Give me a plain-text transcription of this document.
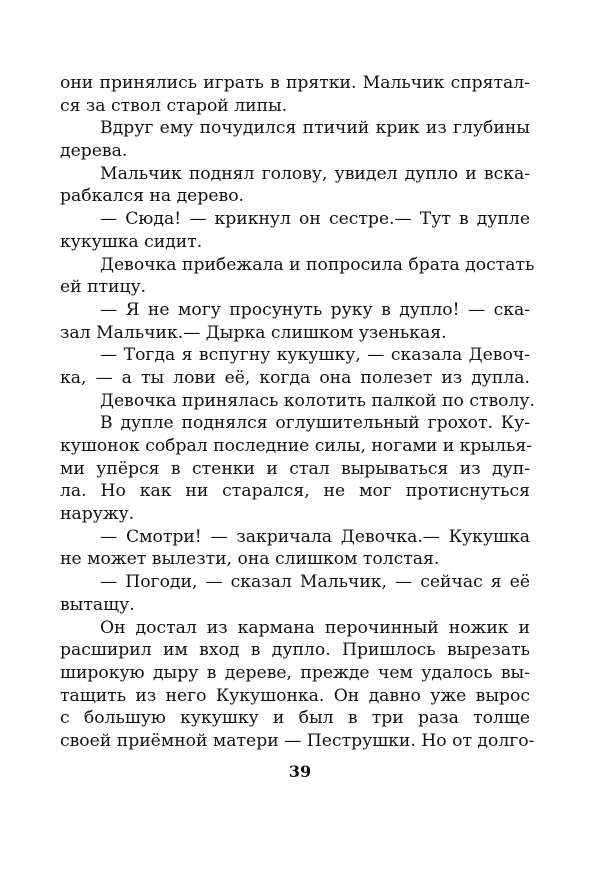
они принялись играть в прятки. Мальчик спрятал-
ся за ствол старой липы.
Вдруг ему почудился птичий крик из глубины
дерева.
Мальчик поднял голову, увидел дупло и вска-
рабкался на дерево.
— Сюда! — крикнул он сестре.— Тут в дупле
кукушка сидит.
Девочка прибежала и попросила брата достать
ей птицу.
— Я не могу просунуть руку в дупло! — ска-
зал Мальчик.— Дырка слишком узенькая.
— Тогда я вспугну кукушку, — сказала Девоч-
ка, — а ты лови её, когда она полезет из дупла.
Девочка принялась колотить палкой по стволу.
В дупле поднялся оглушительный грохот. Ку-
кушонок собрал последние силы, ногами и крылья-
ми упёрся в стенки и стал вырываться из дуп-
ла. Но как ни старался, не мог протиснуться
наружу.
— Смотри! — закричала Девочка.— Кукушка
не может вылезти, она слишком толстая.
— Погоди, — сказал Мальчик, — сейчас я её
вытащу.
Он достал из кармана перочинный ножик и
расширил им вход в дупло. Пришлось вырезать
широкую дыру в дереве, прежде чем удалось вы-
тащить из него Кукушонка. Он давно уже вырос
с большую кукушку и был в три раза толще
своей приёмной матери — Пеструшки. Но от долго-
39
